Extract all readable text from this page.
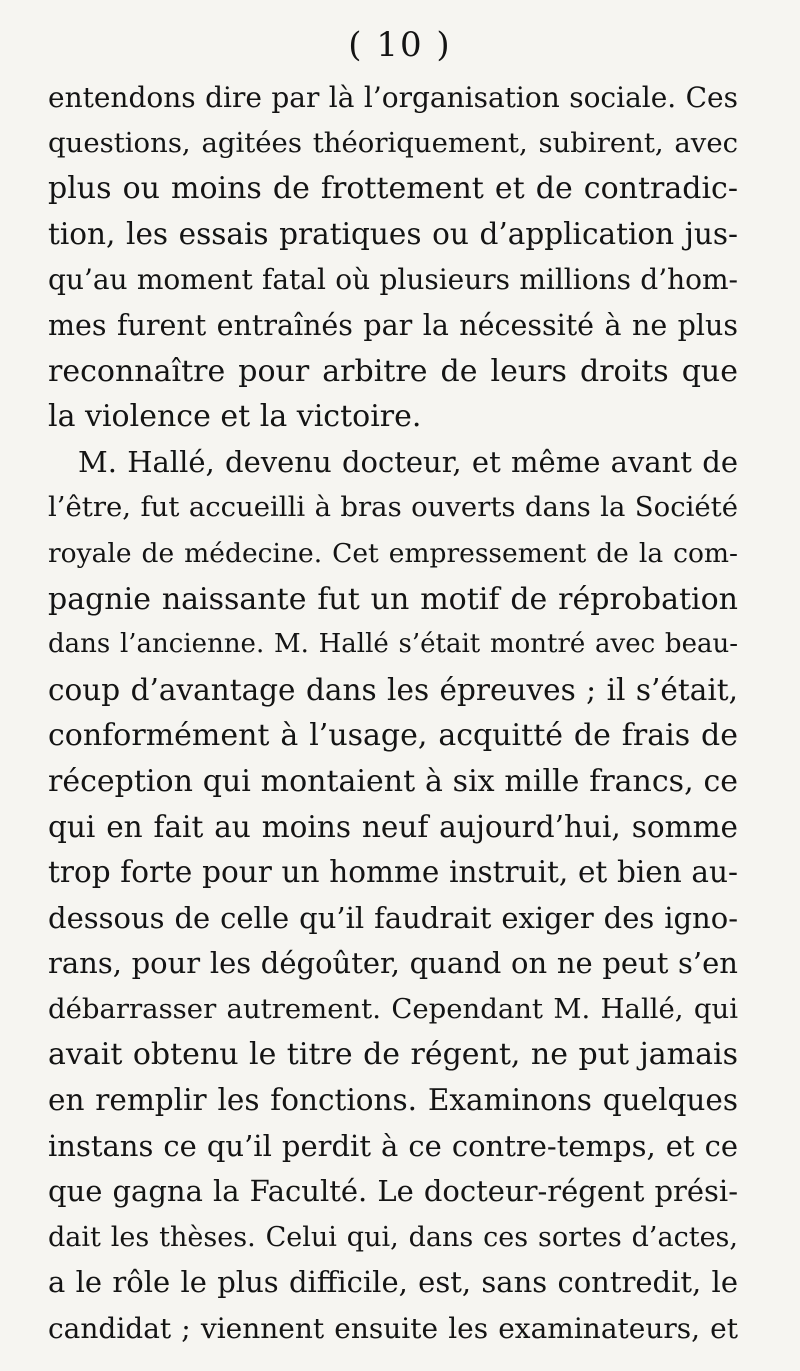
( 10 )
entendons dire par là l’organisation sociale. Ces
questions, agitées théoriquement, subirent, avec
plus ou moins de frottement et de contradic-
tion, les essais pratiques ou d’application jus-
qu’au moment fatal où plusieurs millions d’hom-
mes furent entraînés par la nécessité à ne plus
reconnaître pour arbitre de leurs droits que
la violence et la victoire.
M. Hallé, devenu docteur, et même avant de
l’être, fut accueilli à bras ouverts dans la Société
royale de médecine. Cet empressement de la com-
pagnie naissante fut un motif de réprobation
dans l’ancienne. M. Hallé s’était montré avec beau-
coup d’avantage dans les épreuves ; il s’était,
conformément à l’usage, acquitté de frais de
réception qui montaient à six mille francs, ce
qui en fait au moins neuf aujourd’hui, somme
trop forte pour un homme instruit, et bien au-
dessous de celle qu’il faudrait exiger des igno-
rans, pour les dégoûter, quand on ne peut s’en
débarrasser autrement. Cependant M. Hallé, qui
avait obtenu le titre de régent, ne put jamais
en remplir les fonctions. Examinons quelques
instans ce qu’il perdit à ce contre-temps, et ce
que gagna la Faculté. Le docteur-régent prési-
dait les thèses. Celui qui, dans ces sortes d’actes,
a le rôle le plus difficile, est, sans contredit, le
candidat ; viennent ensuite les examinateurs, et
